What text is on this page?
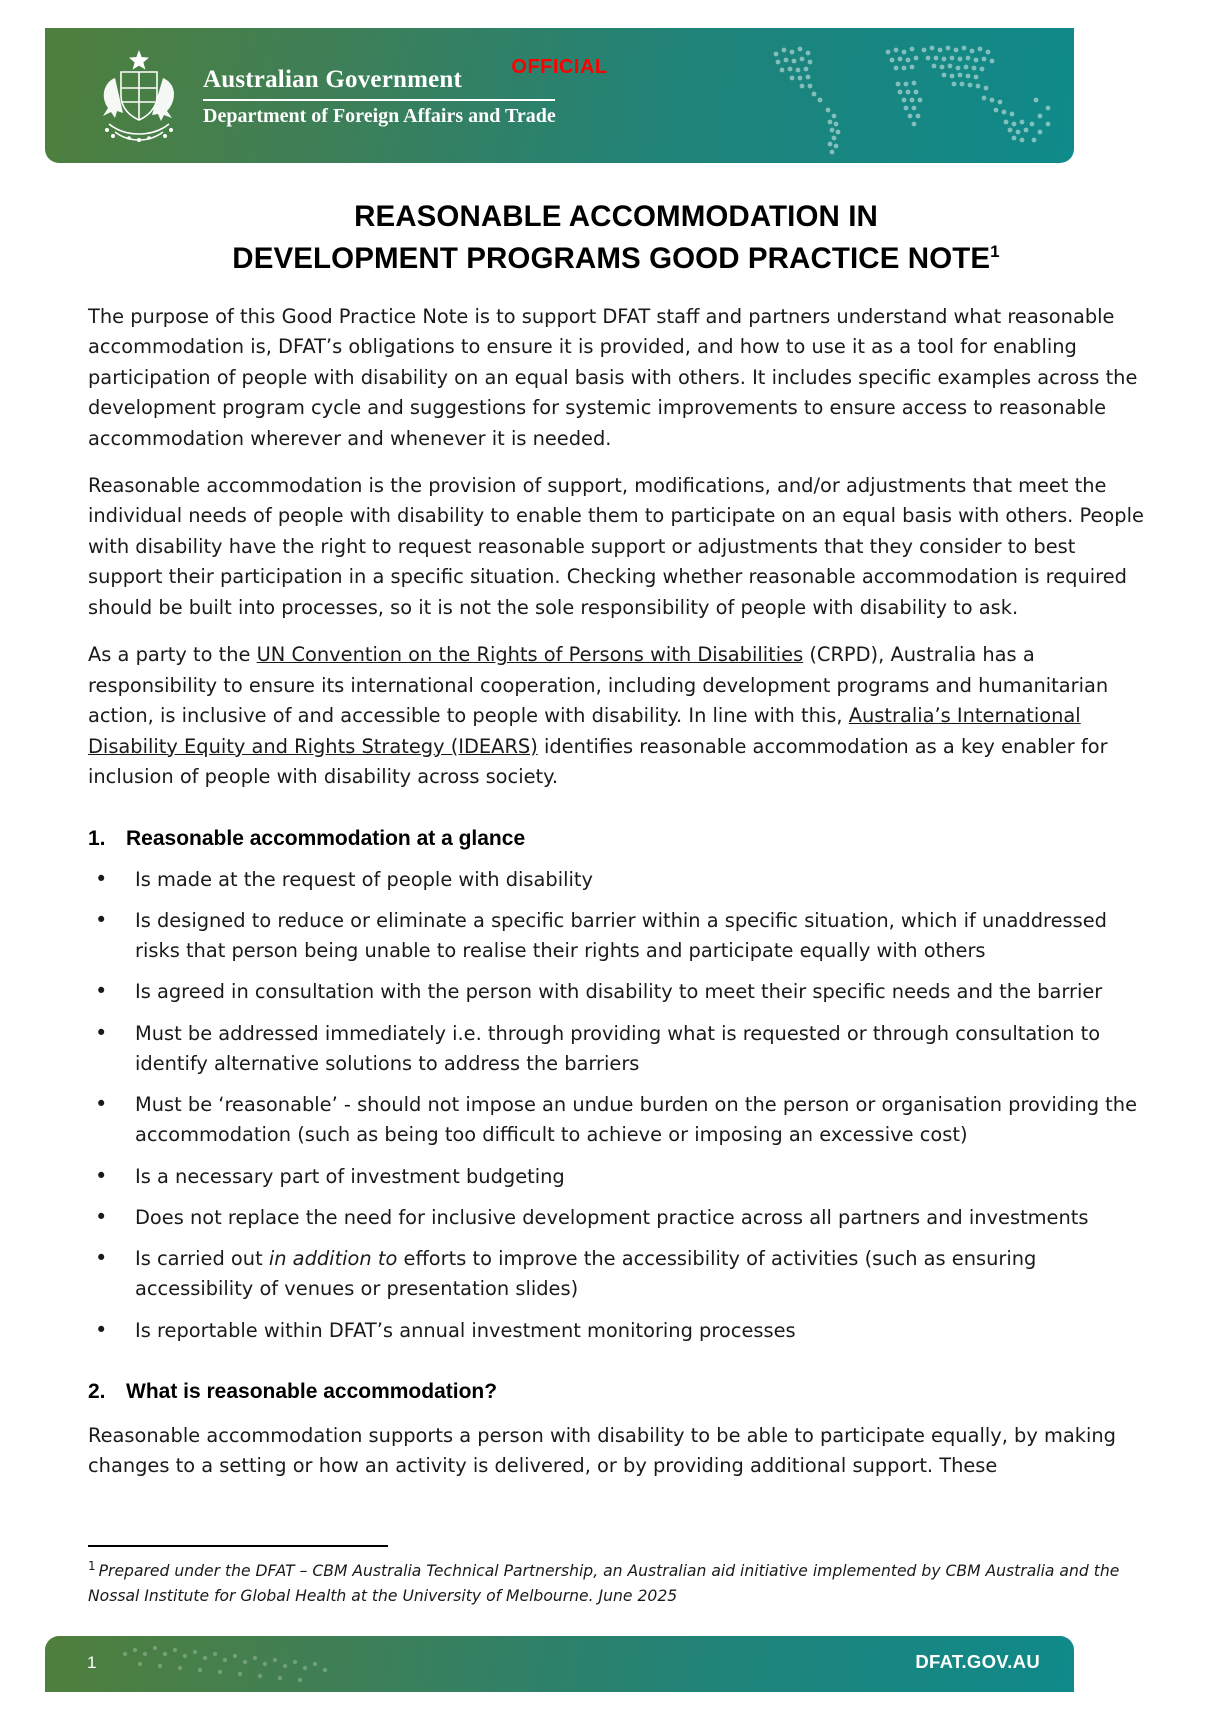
Australian Government
Department of Foreign Affairs and Trade
OFFICIAL
REASONABLE ACCOMMODATION IN
DEVELOPMENT PROGRAMS GOOD PRACTICE NOTE$^1$

The purpose of this Good Practice Note is to support DFAT staff and partners understand what reasonable accommodation is, DFAT’s obligations to ensure it is provided, and how to use it as a tool for enabling participation of people with disability on an equal basis with others. It includes specific examples across the development program cycle and suggestions for systemic improvements to ensure access to reasonable accommodation wherever and whenever it is needed.

Reasonable accommodation is the provision of support, modifications, and/or adjustments that meet the individual needs of people with disability to enable them to participate on an equal basis with others. People with disability have the right to request reasonable support or adjustments that they consider to best support their participation in a specific situation. Checking whether reasonable accommodation is required should be built into processes, so it is not the sole responsibility of people with disability to ask.

As a party to the UN Convention on the Rights of Persons with Disabilities (CRPD), Australia has a responsibility to ensure its international cooperation, including development programs and humanitarian action, is inclusive of and accessible to people with disability. In line with this, Australia’s International Disability Equity and Rights Strategy (IDEARS) identifies reasonable accommodation as a key enabler for inclusion of people with disability across society.

1. Reasonable accommodation at a glance
• Is made at the request of people with disability
• Is designed to reduce or eliminate a specific barrier within a specific situation, which if unaddressed risks that person being unable to realise their rights and participate equally with others
• Is agreed in consultation with the person with disability to meet their specific needs and the barrier
• Must be addressed immediately i.e. through providing what is requested or through consultation to identify alternative solutions to address the barriers
• Must be ‘reasonable’ - should not impose an undue burden on the person or organisation providing the accommodation (such as being too difficult to achieve or imposing an excessive cost)
• Is a necessary part of investment budgeting
• Does not replace the need for inclusive development practice across all partners and investments
• Is carried out in addition to efforts to improve the accessibility of activities (such as ensuring accessibility of venues or presentation slides)
• Is reportable within DFAT’s annual investment monitoring processes
2. What is reasonable accommodation?

Reasonable accommodation supports a person with disability to be able to participate equally, by making changes to a setting or how an activity is delivered, or by providing additional support. These

$^1$ Prepared under the DFAT – CBM Australia Technical Partnership, an Australian aid initiative implemented by CBM Australia and the Nossal Institute for Global Health at the University of Melbourne. June 2025
1	DFAT.GOV.AU
